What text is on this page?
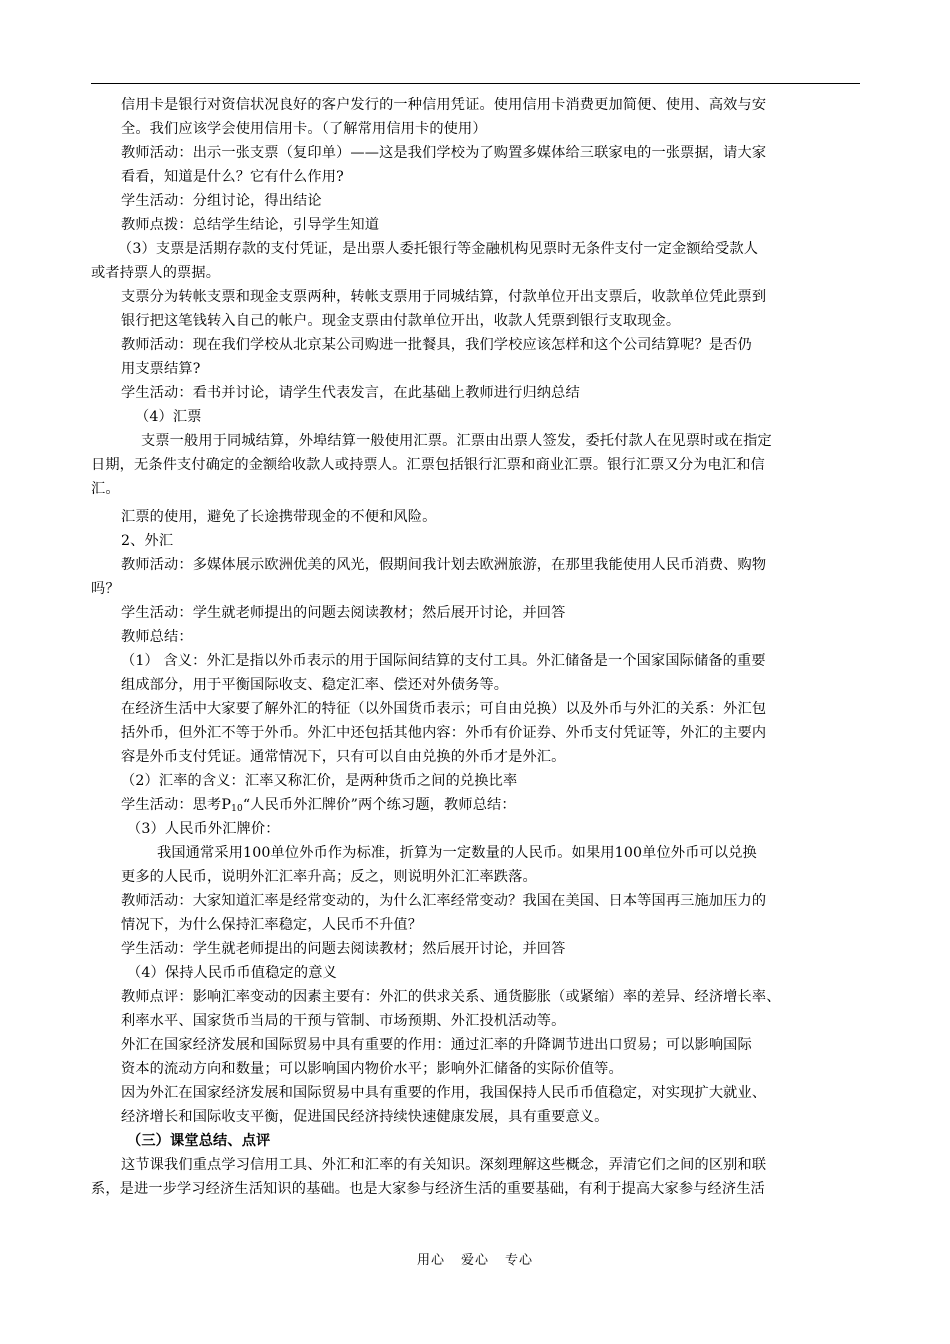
信用卡是银行对资信状况良好的客户发行的一种信用凭证。使用信用卡消费更加简便、使用、高效与安
全。我们应该学会使用信用卡。（了解常用信用卡的使用）
教师活动：出示一张支票（复印单）——这是我们学校为了购置多媒体给三联家电的一张票据，请大家
看看，知道是什么？它有什么作用?
学生活动：分组讨论，得出结论
教师点拨：总结学生结论，引导学生知道
（3）支票是活期存款的支付凭证，是出票人委托银行等金融机构见票时无条件支付一定金额给受款人
或者持票人的票据。
支票分为转帐支票和现金支票两种，转帐支票用于同城结算，付款单位开出支票后，收款单位凭此票到
银行把这笔钱转入自己的帐户。现金支票由付款单位开出，收款人凭票到银行支取现金。
教师活动：现在我们学校从北京某公司购进一批餐具，我们学校应该怎样和这个公司结算呢？是否仍
用支票结算?
学生活动：看书并讨论，请学生代表发言，在此基础上教师进行归纳总结
（4）汇票
支票一般用于同城结算，外埠结算一般使用汇票。汇票由出票人签发，委托付款人在见票时或在指定
日期，无条件支付确定的金额给收款人或持票人。汇票包括银行汇票和商业汇票。银行汇票又分为电汇和信
汇。
汇票的使用，避免了长途携带现金的不便和风险。
2、外汇
教师活动：多媒体展示欧洲优美的风光，假期间我计划去欧洲旅游，在那里我能使用人民币消费、购物
吗？
学生活动：学生就老师提出的问题去阅读教材；然后展开讨论，并回答
教师总结：
（1） 含义：外汇是指以外币表示的用于国际间结算的支付工具。外汇储备是一个国家国际储备的重要
组成部分，用于平衡国际收支、稳定汇率、偿还对外债务等。
在经济生活中大家要了解外汇的特征（以外国货币表示；可自由兑换）以及外币与外汇的关系：外汇包
括外币，但外汇不等于外币。外汇中还包括其他内容：外币有价证券、外币支付凭证等，外汇的主要内
容是外币支付凭证。通常情况下，只有可以自由兑换的外币才是外汇。
（2）汇率的含义：汇率又称汇价，是两种货币之间的兑换比率
学生活动：思考$P_{10}“$人民币外汇牌价”两个练习题，教师总结：
（3）人民币外汇牌价：
我国通常采用100单位外币作为标准，折算为一定数量的人民币。如果用100单位外币可以兑换
更多的人民币，说明外汇汇率升高；反之，则说明外汇汇率跌落。
教师活动：大家知道汇率是经常变动的，为什么汇率经常变动？我国在美国、日本等国再三施加压力的
情况下，为什么保持汇率稳定，人民币不升值？
学生活动：学生就老师提出的问题去阅读教材；然后展开讨论，并回答
（4）保持人民币币值稳定的意义
教师点评：影响汇率变动的因素主要有：外汇的供求关系、通货膨胀（或紧缩）率的差异、经济增长率、
利率水平、国家货币当局的干预与管制、市场预期、外汇投机活动等。
外汇在国家经济发展和国际贸易中具有重要的作用：通过汇率的升降调节进出口贸易；可以影响国际
资本的流动方向和数量；可以影响国内物价水平；影响外汇储备的实际价值等。
因为外汇在国家经济发展和国际贸易中具有重要的作用，我国保持人民币币值稳定，对实现扩大就业、
经济增长和国际收支平衡，促进国民经济持续快速健康发展，具有重要意义。
（三）课堂总结、点评
这节课我们重点学习信用工具、外汇和汇率的有关知识。深刻理解这些概念，弄清它们之间的区别和联
系，是进一步学习经济生活知识的基础。也是大家参与经济生活的重要基础，有利于提高大家参与经济生活
用心 爱心 专心
